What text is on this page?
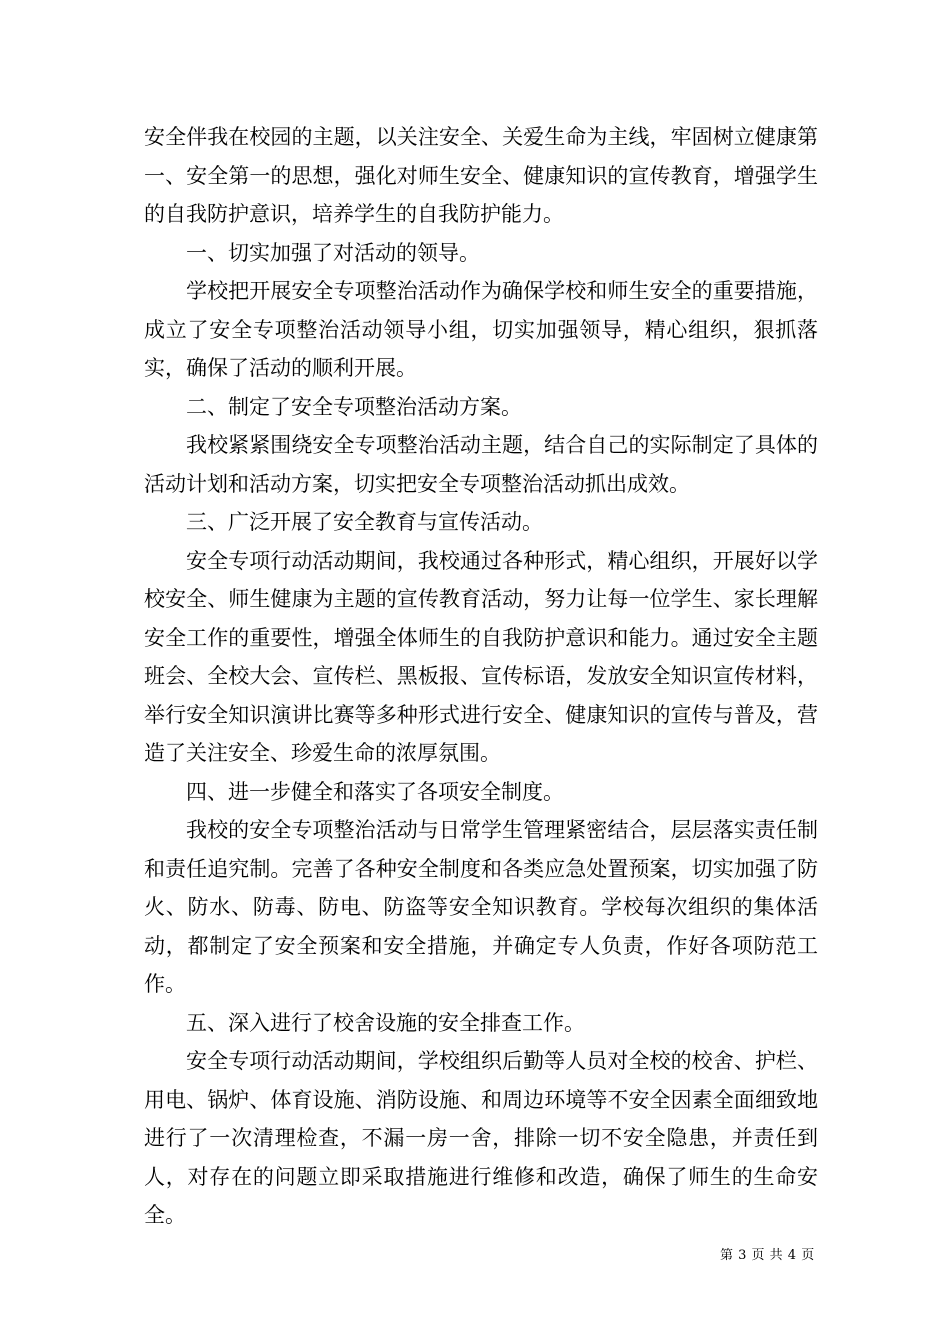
安全伴我在校园的主题，以关注安全、关爱生命为主线，牢固树立健康第一、安全第一的思想，强化对师生安全、健康知识的宣传教育，增强学生的自我防护意识，培养学生的自我防护能力。

一、切实加强了对活动的领导。

学校把开展安全专项整治活动作为确保学校和师生安全的重要措施，成立了安全专项整治活动领导小组，切实加强领导，精心组织，狠抓落实，确保了活动的顺利开展。

二、制定了安全专项整治活动方案。

我校紧紧围绕安全专项整治活动主题，结合自己的实际制定了具体的活动计划和活动方案，切实把安全专项整治活动抓出成效。

三、广泛开展了安全教育与宣传活动。

安全专项行动活动期间，我校通过各种形式，精心组织，开展好以学校安全、师生健康为主题的宣传教育活动，努力让每一位学生、家长理解安全工作的重要性，增强全体师生的自我防护意识和能力。通过安全主题班会、全校大会、宣传栏、黑板报、宣传标语，发放安全知识宣传材料，举行安全知识演讲比赛等多种形式进行安全、健康知识的宣传与普及，营造了关注安全、珍爱生命的浓厚氛围。

四、进一步健全和落实了各项安全制度。

我校的安全专项整治活动与日常学生管理紧密结合，层层落实责任制和责任追究制。完善了各种安全制度和各类应急处置预案，切实加强了防火、防水、防毒、防电、防盗等安全知识教育。学校每次组织的集体活动，都制定了安全预案和安全措施，并确定专人负责，作好各项防范工作。

五、深入进行了校舍设施的安全排查工作。

安全专项行动活动期间，学校组织后勤等人员对全校的校舍、护栏、用电、锅炉、体育设施、消防设施、和周边环境等不安全因素全面细致地进行了一次清理检查，不漏一房一舍，排除一切不安全隐患，并责任到人，对存在的问题立即采取措施进行维修和改造，确保了师生的生命安全。

第 3 页 共 4 页
